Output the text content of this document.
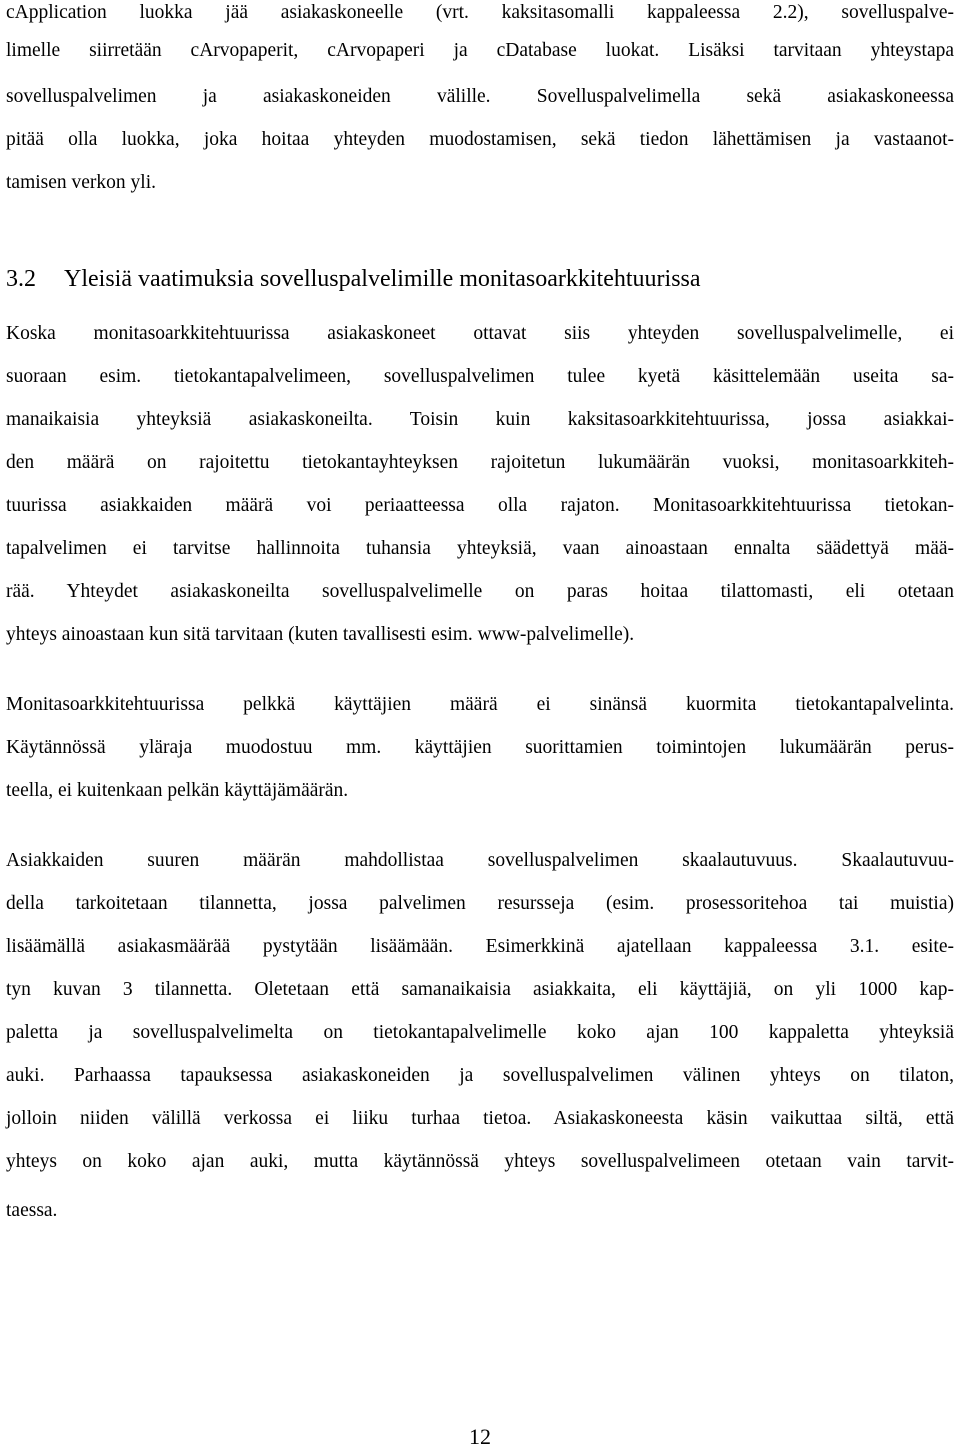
cApplication luokka jää asiakaskoneelle (vrt. kaksitasomalli kappaleessa 2.2), sovelluspalve-
limelle siirretään cArvopaperit, cArvopaperi ja cDatabase luokat. Lisäksi tarvitaan yhteystapa
sovelluspalvelimen ja asiakaskoneiden välille. Sovelluspalvelimella sekä asiakaskoneessa
pitää olla luokka, joka hoitaa yhteyden muodostamisen, sekä tiedon lähettämisen ja vastaanot-
tamisen verkon yli.
3.2 Yleisiä vaatimuksia sovelluspalvelimille monitasoarkkitehtuurissa
Koska monitasoarkkitehtuurissa asiakaskoneet ottavat siis yhteyden sovelluspalvelimelle, ei
suoraan esim. tietokantapalvelimeen, sovelluspalvelimen tulee kyetä käsittelemään useita sa-
manaikaisia yhteyksiä asiakaskoneilta. Toisin kuin kaksitasoarkkitehtuurissa, jossa asiakkai-
den määrä on rajoitettu tietokantayhteyksen rajoitetun lukumäärän vuoksi, monitasoarkkiteh-
tuurissa asiakkaiden määrä voi periaatteessa olla rajaton. Monitasoarkkitehtuurissa tietokan-
tapalvelimen ei tarvitse hallinnoita tuhansia yhteyksiä, vaan ainoastaan ennalta säädettyä mää-
rää. Yhteydet asiakaskoneilta sovelluspalvelimelle on paras hoitaa tilattomasti, eli otetaan
yhteys ainoastaan kun sitä tarvitaan (kuten tavallisesti esim. www-palvelimelle).
Monitasoarkkitehtuurissa pelkkä käyttäjien määrä ei sinänsä kuormita tietokantapalvelinta.
Käytännössä yläraja muodostuu mm. käyttäjien suorittamien toimintojen lukumäärän perus-
teella, ei kuitenkaan pelkän käyttäjämäärän.
Asiakkaiden suuren määrän mahdollistaa sovelluspalvelimen skaalautuvuus. Skaalautuvuu-
della tarkoitetaan tilannetta, jossa palvelimen resursseja (esim. prosessoritehoa tai muistia)
lisäämällä asiakasmäärää pystytään lisäämään. Esimerkkinä ajatellaan kappaleessa 3.1. esite-
tyn kuvan 3 tilannetta. Oletetaan että samanaikaisia asiakkaita, eli käyttäjiä, on yli 1000 kap-
paletta ja sovelluspalvelimelta on tietokantapalvelimelle koko ajan 100 kappaletta yhteyksiä
auki. Parhaassa tapauksessa asiakaskoneiden ja sovelluspalvelimen välinen yhteys on tilaton,
jolloin niiden välillä verkossa ei liiku turhaa tietoa. Asiakaskoneesta käsin vaikuttaa siltä, että
yhteys on koko ajan auki, mutta käytännössä yhteys sovelluspalvelimeen otetaan vain tarvit-
taessa.
12
